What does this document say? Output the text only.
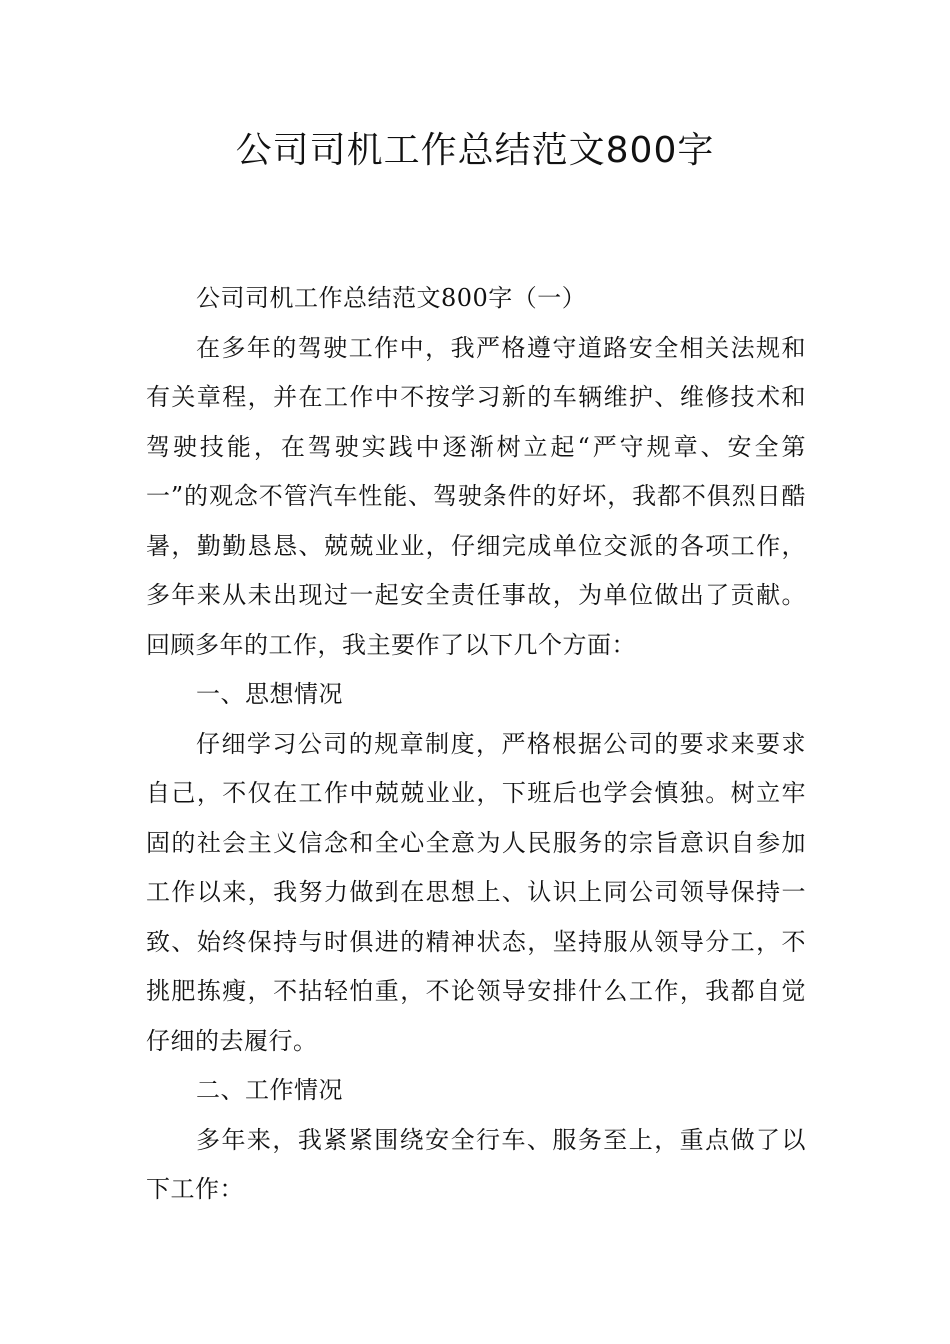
公司司机工作总结范文800字

公司司机工作总结范文800字（一）

在多年的驾驶工作中，我严格遵守道路安全相关法规和有关章程，并在工作中不按学习新的车辆维护、维修技术和驾驶技能，在驾驶实践中逐渐树立起“严守规章、安全第一”的观念不管汽车性能、驾驶条件的好坏，我都不俱烈日酷暑，勤勤恳恳、兢兢业业，仔细完成单位交派的各项工作，多年来从未出现过一起安全责任事故，为单位做出了贡献。回顾多年的工作，我主要作了以下几个方面：

一、思想情况

仔细学习公司的规章制度，严格根据公司的要求来要求自己，不仅在工作中兢兢业业，下班后也学会慎独。树立牢固的社会主义信念和全心全意为人民服务的宗旨意识自参加工作以来，我努力做到在思想上、认识上同公司领导保持一致、始终保持与时俱进的精神状态，坚持服从领导分工，不挑肥拣瘦，不拈轻怕重，不论领导安排什么工作，我都自觉仔细的去履行。

二、工作情况

多年来，我紧紧围绕安全行车、服务至上，重点做了以下工作：
